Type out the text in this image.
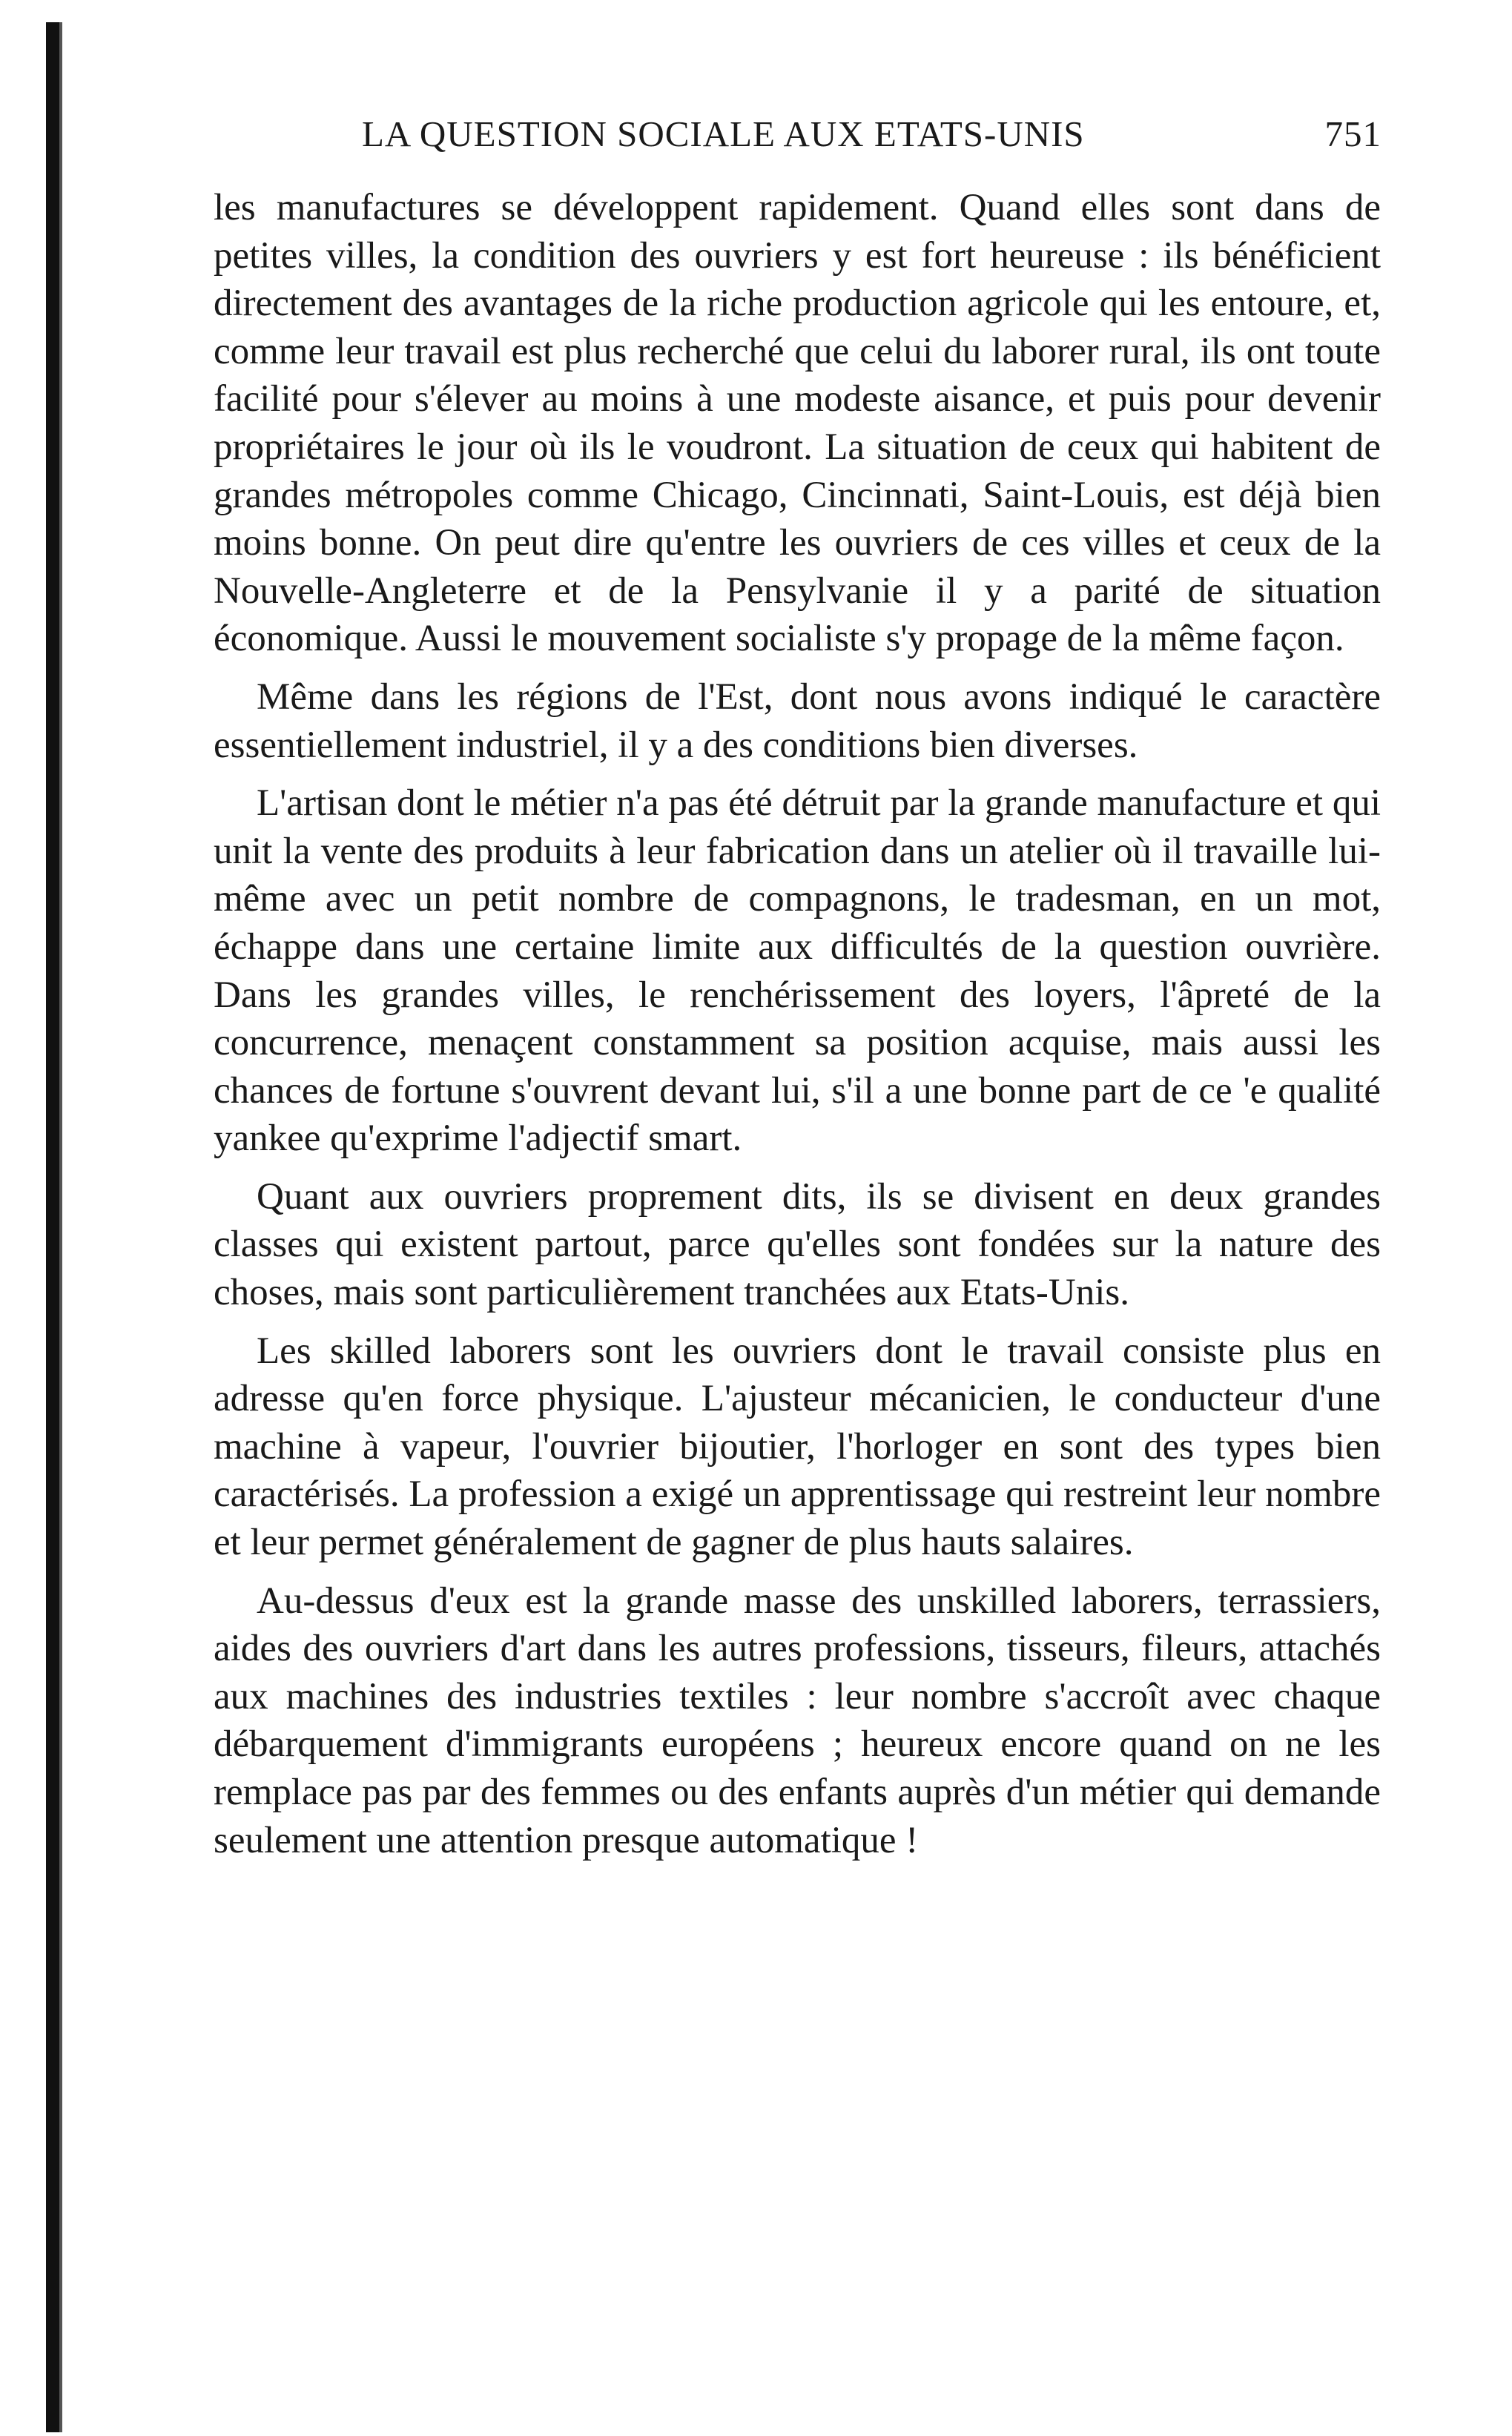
LA QUESTION SOCIALE AUX ETATS-UNIS	751

les manufactures se développent rapidement. Quand elles sont dans de petites villes, la condition des ouvriers y est fort heureuse : ils bénéficient directement des avantages de la riche production agricole qui les entoure, et, comme leur travail est plus recherché que celui du laborer rural, ils ont toute facilité pour s'élever au moins à une modeste aisance, et puis pour devenir propriétaires le jour où ils le voudront. La situation de ceux qui habitent de grandes métropoles comme Chicago, Cincinnati, Saint-Louis, est déjà bien moins bonne. On peut dire qu'entre les ouvriers de ces villes et ceux de la Nouvelle-Angleterre et de la Pensylvanie il y a parité de situation économique. Aussi le mouvement socialiste s'y propage de la même façon.

Même dans les régions de l'Est, dont nous avons indiqué le caractère essentiellement industriel, il y a des conditions bien diverses.

L'artisan dont le métier n'a pas été détruit par la grande manufacture et qui unit la vente des produits à leur fabrication dans un atelier où il travaille lui-même avec un petit nombre de compagnons, le tradesman, en un mot, échappe dans une certaine limite aux difficultés de la question ouvrière. Dans les grandes villes, le renchérissement des loyers, l'âpreté de la concurrence, menaçent constamment sa position acquise, mais aussi les chances de fortune s'ouvrent devant lui, s'il a une bonne part de ce 'e qualité yankee qu'exprime l'adjectif smart.

Quant aux ouvriers proprement dits, ils se divisent en deux grandes classes qui existent partout, parce qu'elles sont fondées sur la nature des choses, mais sont particulièrement tranchées aux Etats-Unis.

Les skilled laborers sont les ouvriers dont le travail consiste plus en adresse qu'en force physique. L'ajusteur mécanicien, le conducteur d'une machine à vapeur, l'ouvrier bijoutier, l'horloger en sont des types bien caractérisés. La profession a exigé un apprentissage qui restreint leur nombre et leur permet généralement de gagner de plus hauts salaires.

Au-dessus d'eux est la grande masse des unskilled laborers, terrassiers, aides des ouvriers d'art dans les autres professions, tisseurs, fileurs, attachés aux machines des industries textiles : leur nombre s'accroît avec chaque débarquement d'immigrants européens ; heureux encore quand on ne les remplace pas par des femmes ou des enfants auprès d'un métier qui demande seulement une attention presque automatique !
